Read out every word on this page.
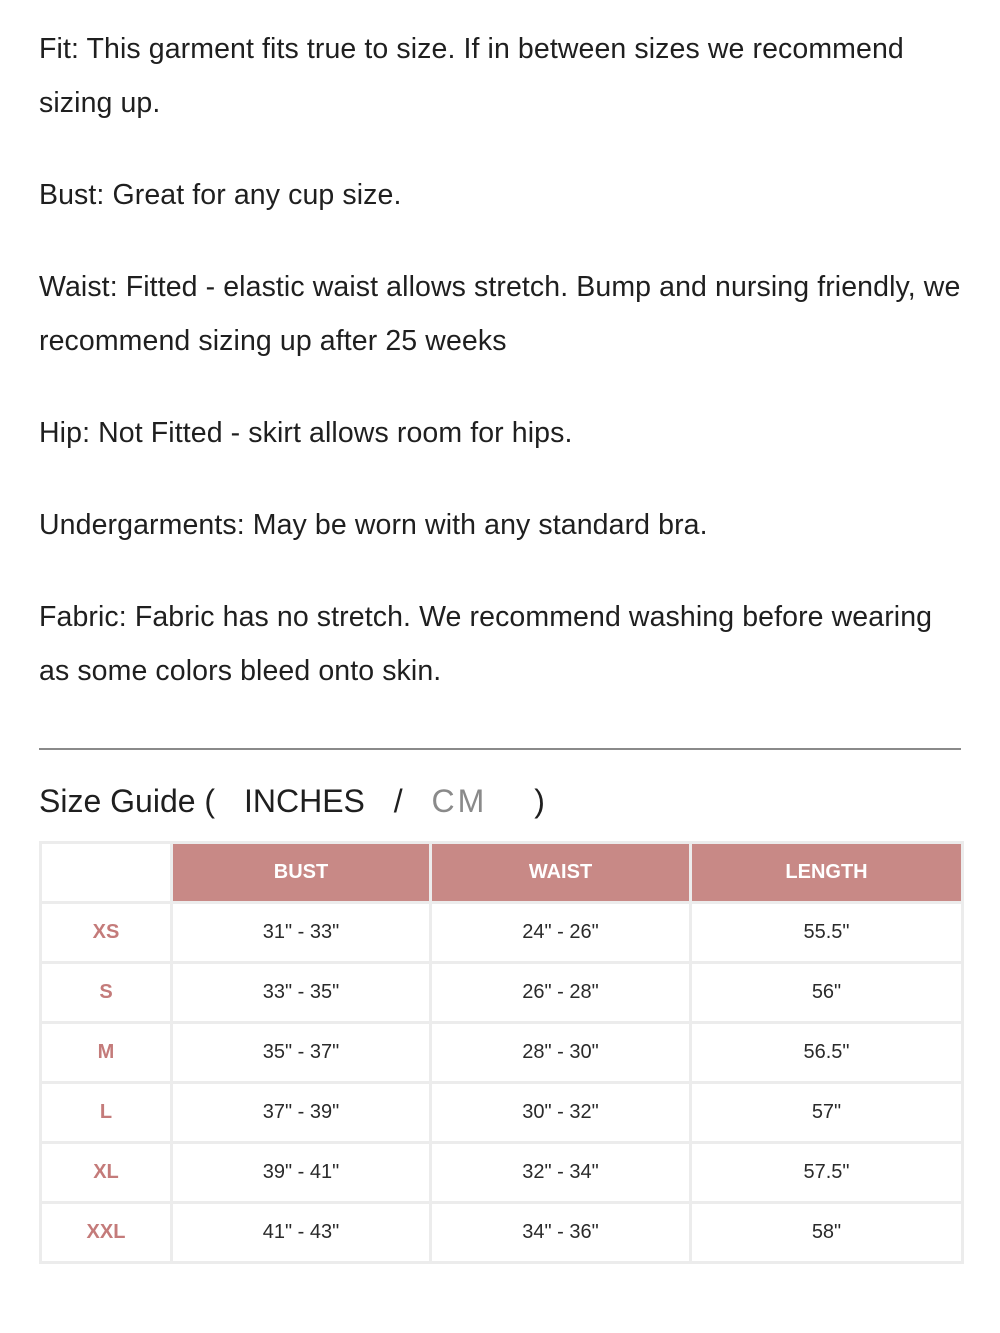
Fit: This garment fits true to size. If in between sizes we recommend sizing up.

Bust: Great for any cup size.

Waist: Fitted - elastic waist allows stretch. Bump and nursing friendly, we recommend sizing up after 25 weeks

Hip: Not Fitted - skirt allows room for hips.

Undergarments: May be worn with any standard bra.

Fabric: Fabric has no stretch. We recommend washing before wearing as some colors bleed onto skin.

Size Guide ( INCHES / CM )
	BUST	WAIST	LENGTH
XS	31" - 33"	24" - 26"	55.5"
S	33" - 35"	26" - 28"	56"
M	35" - 37"	28" - 30"	56.5"
L	37" - 39"	30" - 32"	57"
XL	39" - 41"	32" - 34"	57.5"
XXL	41" - 43"	34" - 36"	58"
